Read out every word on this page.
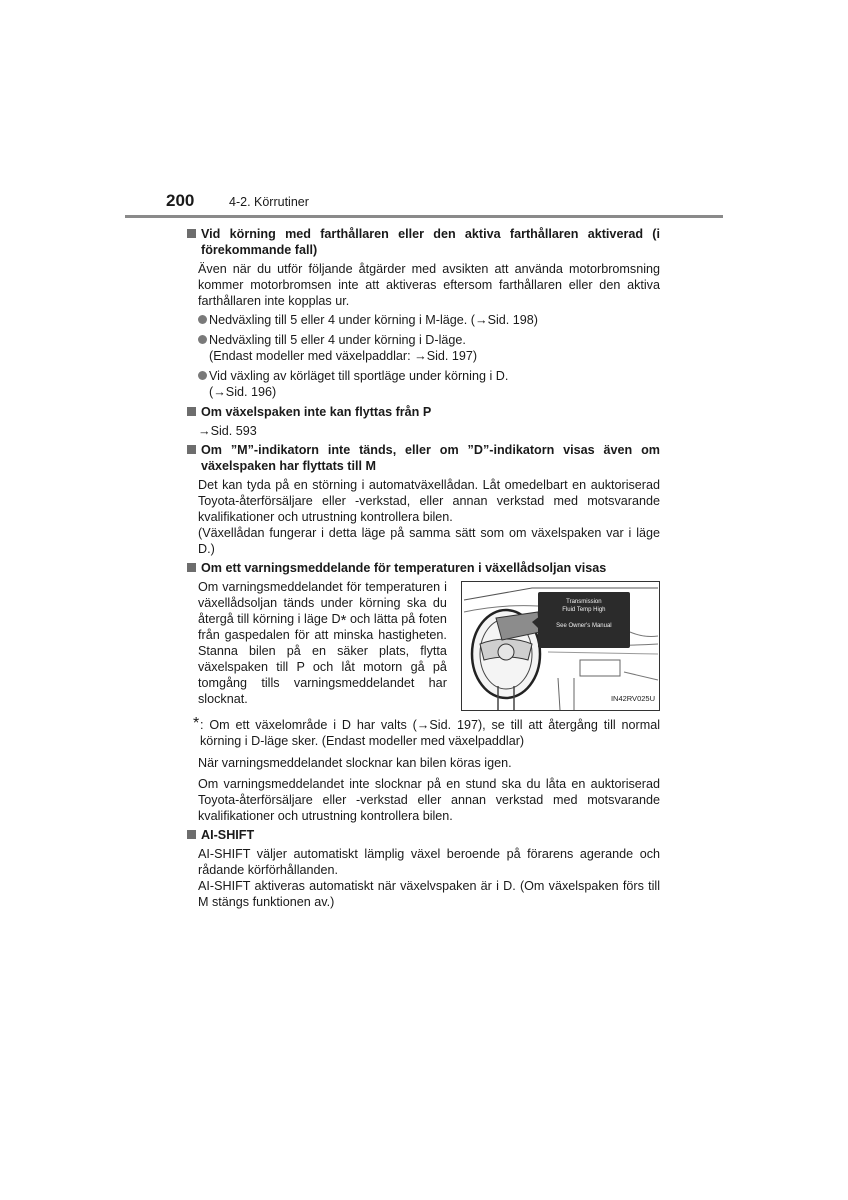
200	4-2. Körrutiner
Vid körning med farthållaren eller den aktiva farthållaren aktiverad (i förekommande fall)
Även när du utför följande åtgärder med avsikten att använda motorbromsning kommer motorbromsen inte att aktiveras eftersom farthållaren eller den aktiva farthållaren inte kopplas ur.
Nedväxling till 5 eller 4 under körning i M-läge. (→Sid. 198)
Nedväxling till 5 eller 4 under körning i D-läge.
(Endast modeller med växelpaddlar: →Sid. 197)
Vid växling av körläget till sportläge under körning i D.
(→Sid. 196)
Om växelspaken inte kan flyttas från P
→Sid. 593
Om ”M”-indikatorn inte tänds, eller om ”D”-indikatorn visas även om växelspaken har flyttats till M
Det kan tyda på en störning i automatväxellådan. Låt omedelbart en auktoriserad Toyota-återförsäljare eller -verkstad, eller annan verkstad med motsvarande kvalifikationer och utrustning kontrollera bilen.
(Växellådan fungerar i detta läge på samma sätt som om växelspaken var i läge D.)
Om ett varningsmeddelande för temperaturen i växellådsoljan visas
Om varningsmeddelandet för temperaturen i växellådsoljan tänds under körning ska du återgå till körning i läge D* och lätta på foten från gaspedalen för att minska hastigheten. Stanna bilen på en säker plats, flytta växelspaken till P och låt motorn gå på tomgång tills varningsmeddelandet har slocknat.
Transmission
Fluid Temp High
See Owner's Manual
IN42RV025U
* : Om ett växelområde i D har valts (→Sid. 197), se till att återgång till normal körning i D-läge sker. (Endast modeller med växelpaddlar)
När varningsmeddelandet slocknar kan bilen köras igen.
Om varningsmeddelandet inte slocknar på en stund ska du låta en auktoriserad Toyota-återförsäljare eller -verkstad eller annan verkstad med motsvarande kvalifikationer och utrustning kontrollera bilen.
AI-SHIFT
AI-SHIFT väljer automatiskt lämplig växel beroende på förarens agerande och rådande körförhållanden.
AI-SHIFT aktiveras automatiskt när växelvspaken är i D. (Om växelspaken förs till M stängs funktionen av.)
